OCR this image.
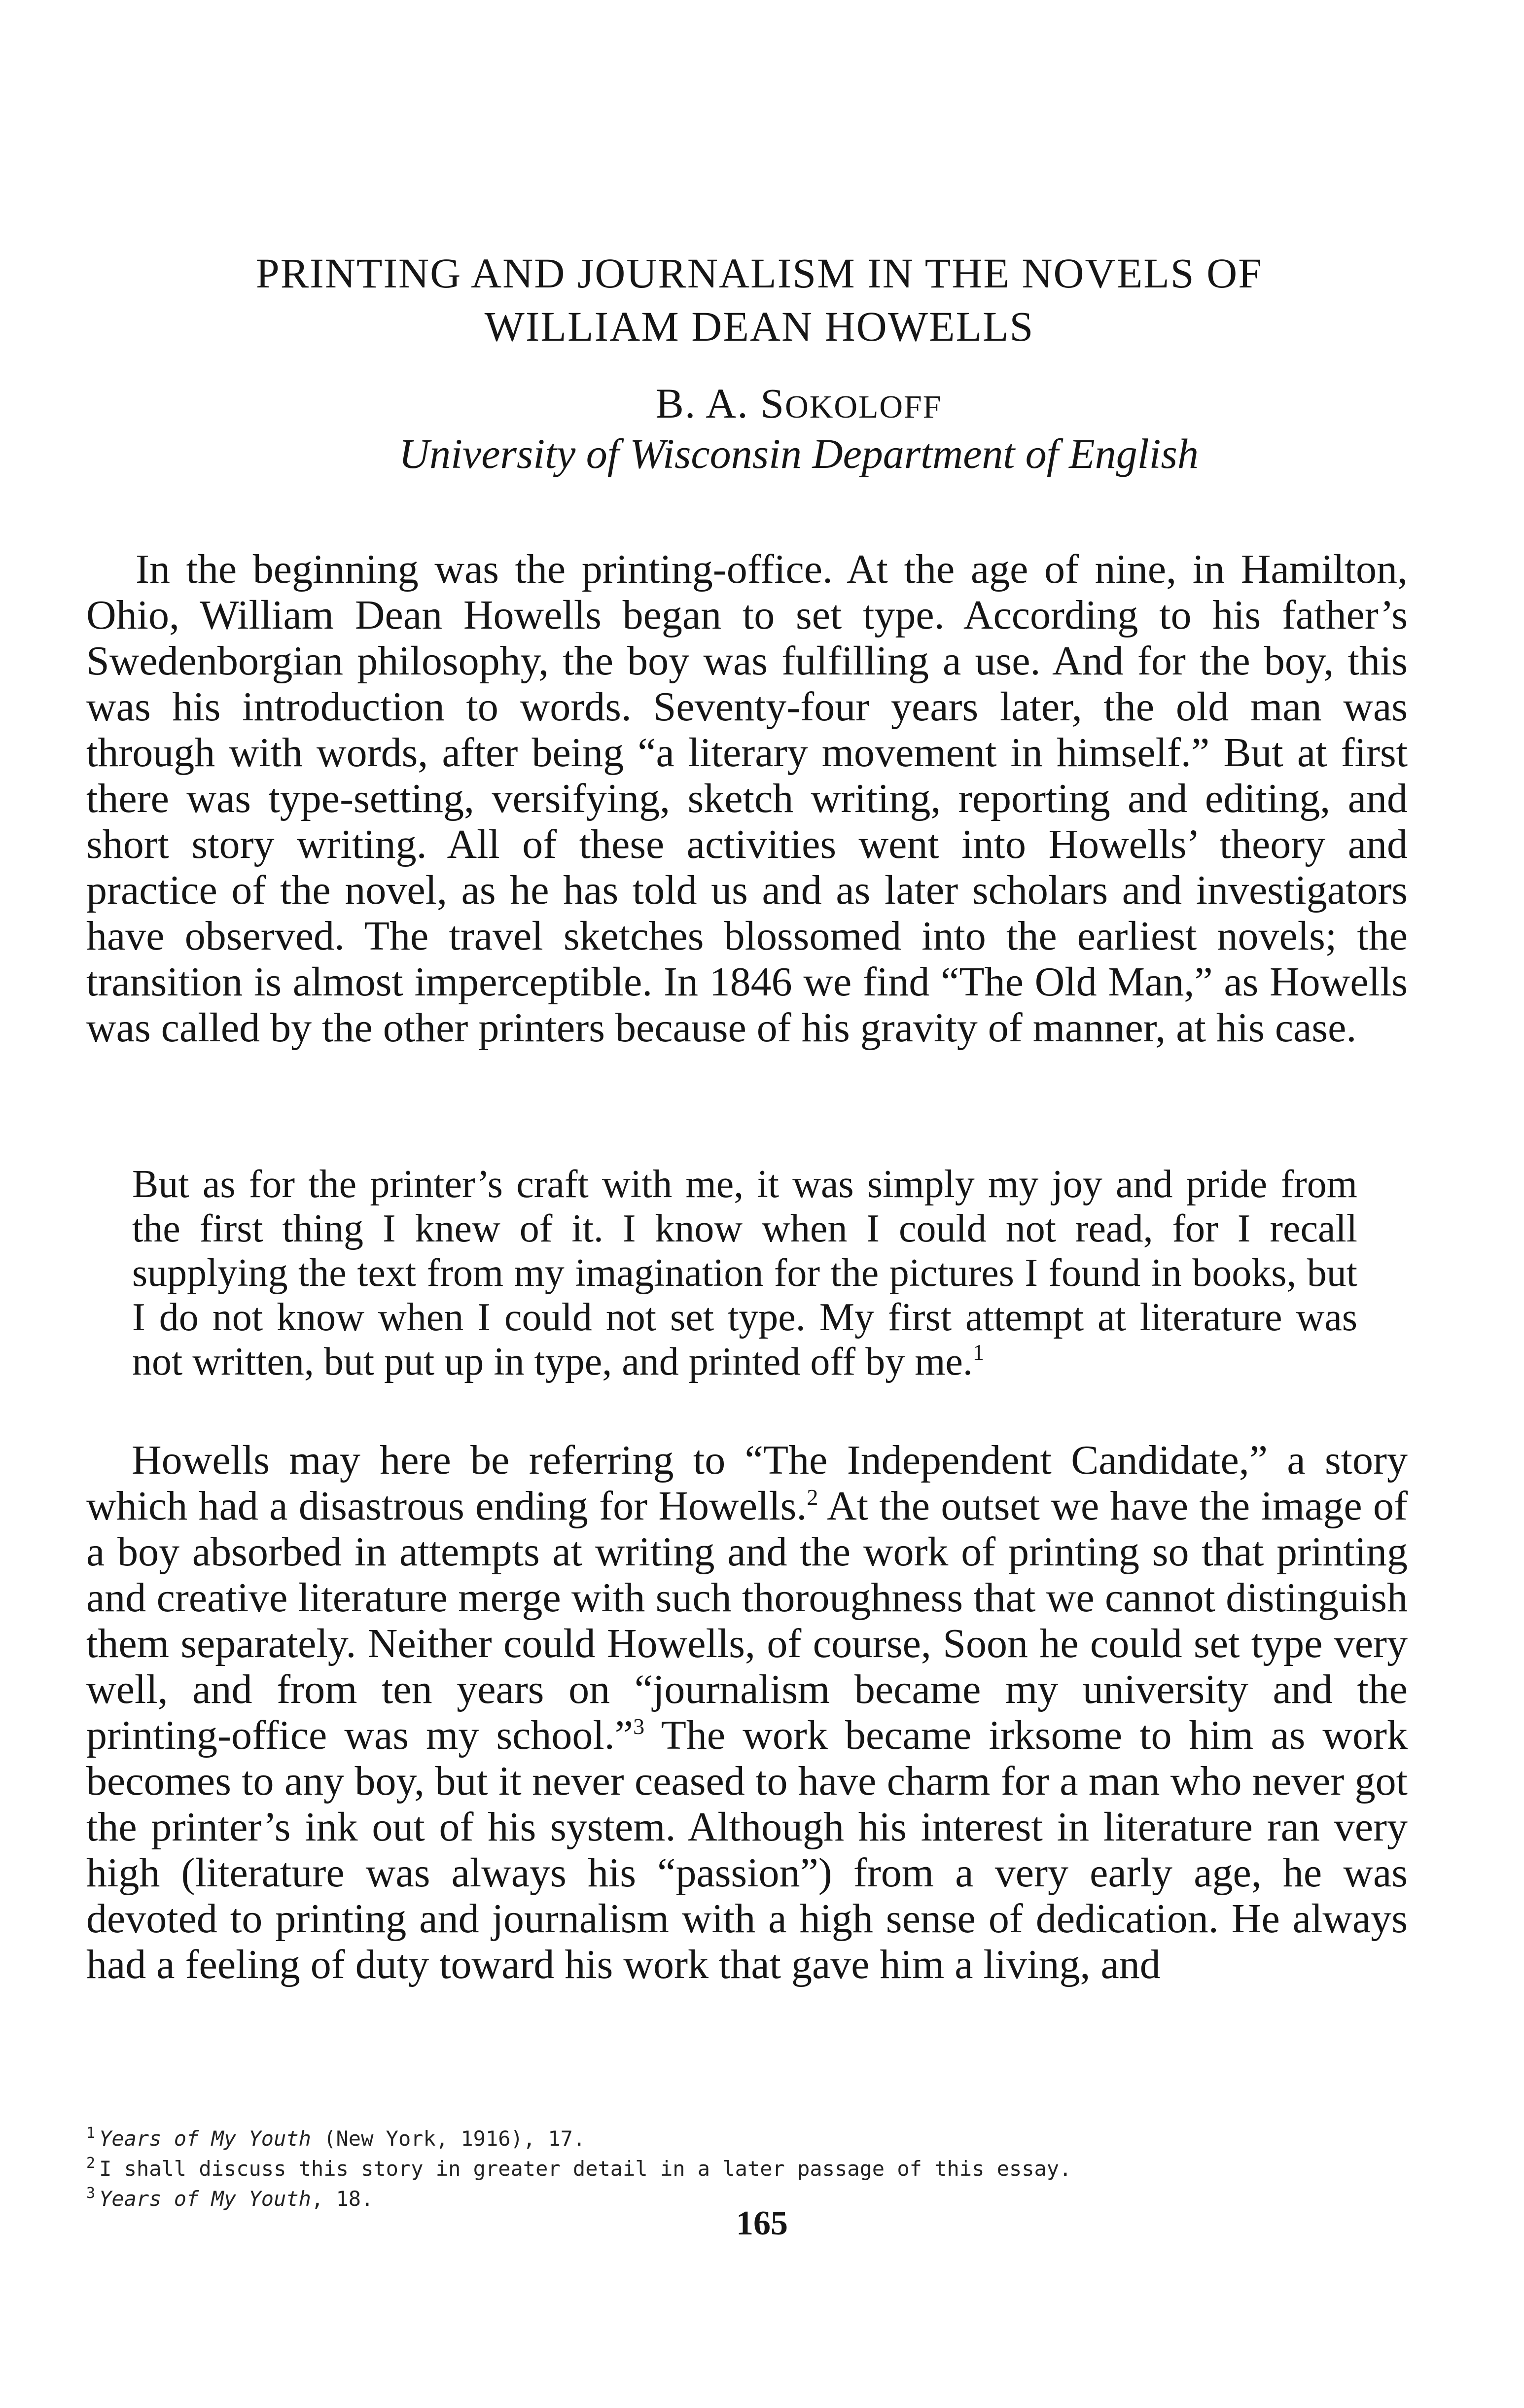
PRINTING AND JOURNALISM IN THE NOVELS OF
WILLIAM DEAN HOWELLS

B. A. SOKOLOFF

University of Wisconsin Department of English

In the beginning was the printing-office. At the age of nine, in Hamilton, Ohio, William Dean Howells began to set type. According to his father’s Swedenborgian philosophy, the boy was fulfilling a use. And for the boy, this was his introduction to words. Seventy-four years later, the old man was through with words, after being “a literary movement in himself.” But at first there was type-setting, versifying, sketch writing, reporting and editing, and short story writing. All of these activities went into Howells’ theory and practice of the novel, as he has told us and as later scholars and investigators have observed. The travel sketches blossomed into the earliest novels; the transition is almost imperceptible. In 1846 we find “The Old Man,” as Howells was called by the other printers because of his gravity of manner, at his case.

But as for the printer’s craft with me, it was simply my joy and pride from the first thing I knew of it. I know when I could not read, for I recall supplying the text from my imagination for the pictures I found in books, but I do not know when I could not set type. My first attempt at literature was not written, but put up in type, and printed off by me.$^1$

Howells may here be referring to “The Independent Candidate,” a story which had a disastrous ending for Howells.$^2$ At the outset we have the image of a boy absorbed in attempts at writing and the work of printing so that printing and creative literature merge with such thoroughness that we cannot distinguish them separately. Neither could Howells, of course, Soon he could set type very well, and from ten years on “journalism became my university and the printing-office was my school.”$^3$ The work became irksome to him as work becomes to any boy, but it never ceased to have charm for a man who never got the printer’s ink out of his system. Although his interest in literature ran very high (literature was always his “passion”) from a very early age, he was devoted to printing and journalism with a high sense of dedication. He always had a feeling of duty toward his work that gave him a living, and

$^1$ Years of My Youth (New York, 1916), 17.

$^2$ I shall discuss this story in greater detail in a later passage of this essay.

$^3$ Years of My Youth, 18.

165
